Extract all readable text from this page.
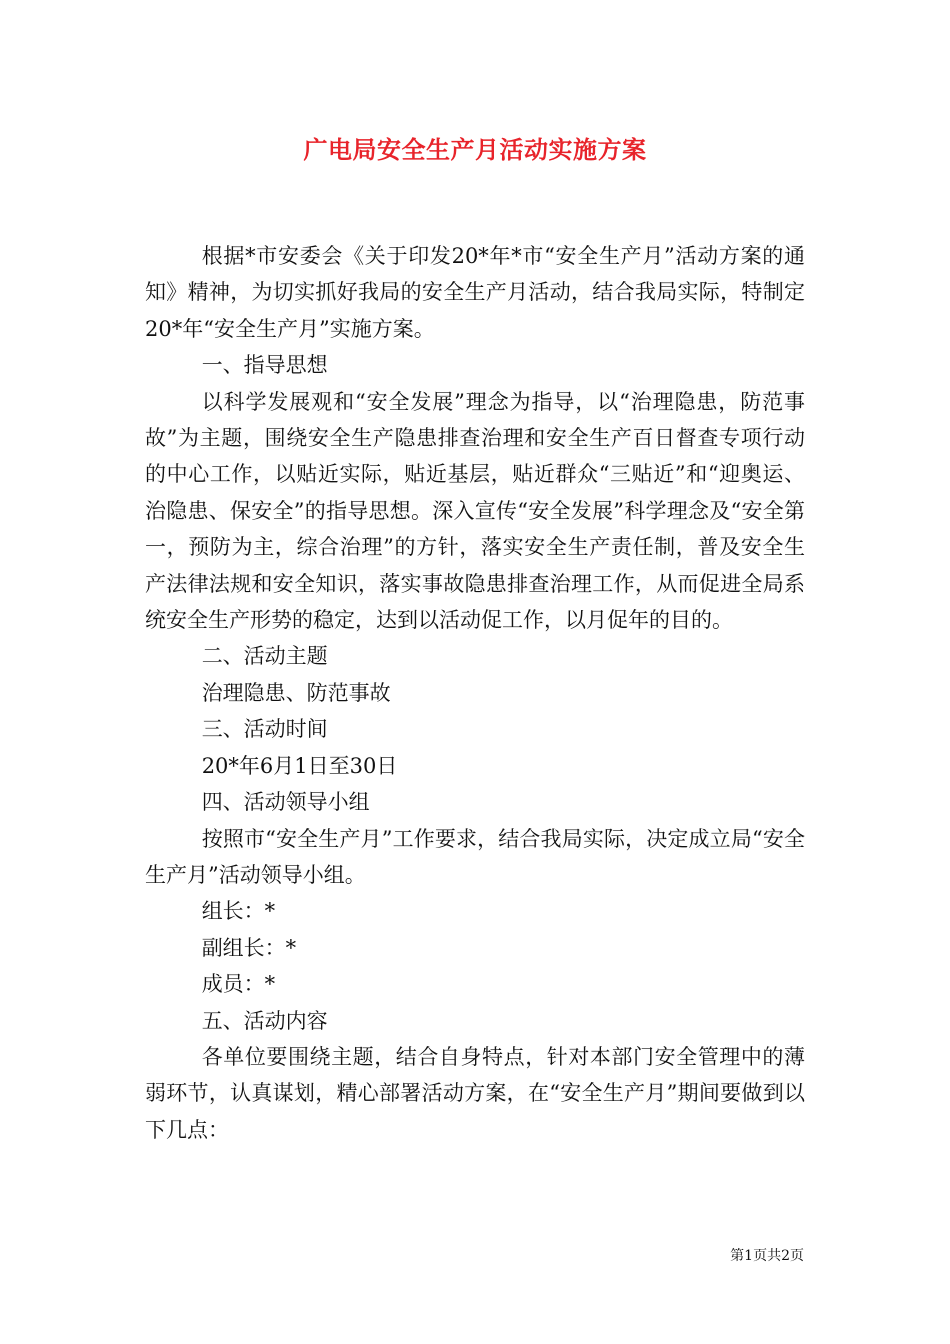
广电局安全生产月活动实施方案

根据*市安委会《关于印发20*年*市“安全生产月”活动方案的通知》精神，为切实抓好我局的安全生产月活动，结合我局实际，特制定20*年“安全生产月”实施方案。

一、指导思想

以科学发展观和“安全发展”理念为指导，以“治理隐患，防范事故”为主题，围绕安全生产隐患排查治理和安全生产百日督查专项行动的中心工作，以贴近实际，贴近基层，贴近群众“三贴近”和“迎奥运、治隐患、保安全”的指导思想。深入宣传“安全发展”科学理念及“安全第一，预防为主，综合治理”的方针，落实安全生产责任制，普及安全生产法律法规和安全知识，落实事故隐患排查治理工作，从而促进全局系统安全生产形势的稳定，达到以活动促工作，以月促年的目的。

二、活动主题

治理隐患、防范事故

三、活动时间

20*年6月1日至30日

四、活动领导小组

按照市“安全生产月”工作要求，结合我局实际，决定成立局“安全生产月”活动领导小组。

组长：*

副组长：*

成员：*

五、活动内容

各单位要围绕主题，结合自身特点，针对本部门安全管理中的薄弱环节，认真谋划，精心部署活动方案，在“安全生产月”期间要做到以下几点：

第1页共2页
